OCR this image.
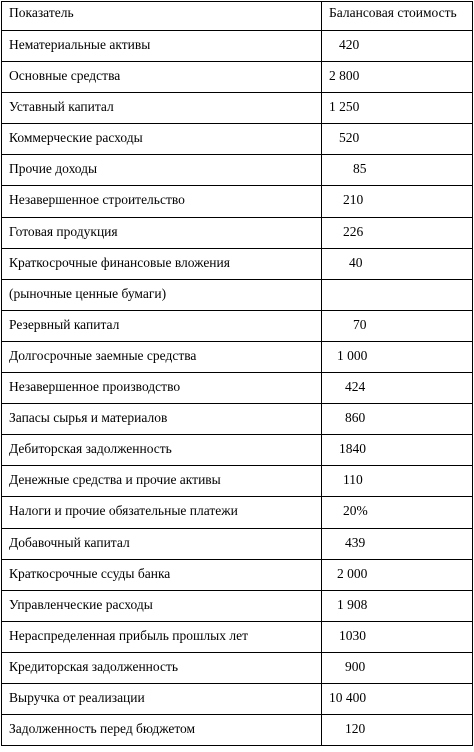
Показатель	Балансовая стоимость
Нематериальные активы	420
Основные средства	2 800
Уставный капитал	1 250
Коммерческие расходы	520
Прочие доходы	85
Незавершенное строительство	210
Готовая продукция	226
Краткосрочные финансовые вложения	40
(рыночные ценные бумаги)	
Резервный капитал	70
Долгосрочные заемные средства	1 000
Незавершенное производство	424
Запасы сырья и материалов	860
Дебиторская задолженность	1840
Денежные средства и прочие активы	110
Налоги и прочие обязательные платежи	20%
Добавочный капитал	439
Краткосрочные ссуды банка	2 000
Управленческие расходы	1 908
Нераспределенная прибыль прошлых лет	1030
Кредиторская задолженность	900
Выручка от реализации	10 400
Задолженность перед бюджетом	120
